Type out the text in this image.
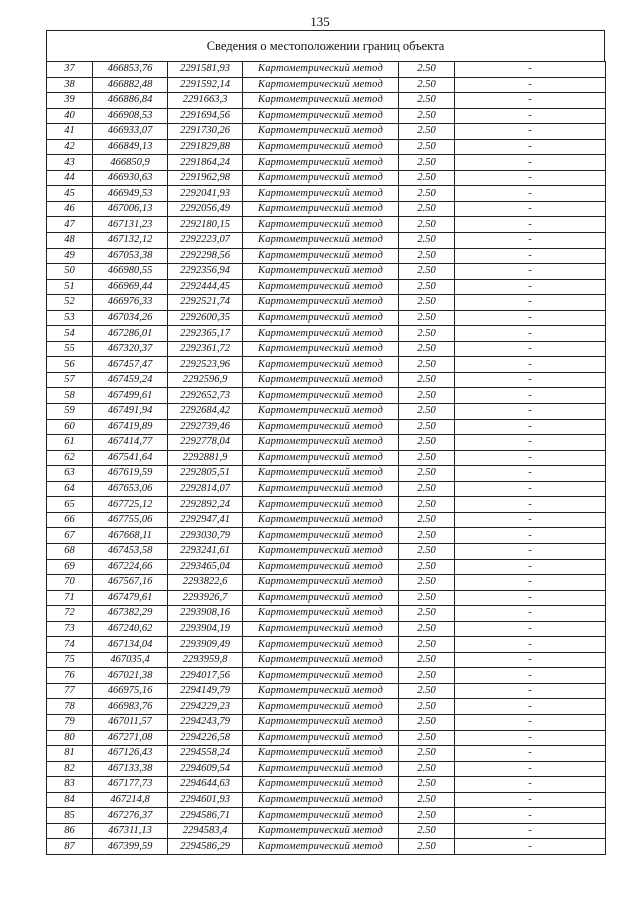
135
Сведения о местоположении границ объекта
37	466853,76	2291581,93	Картометрический метод	2.50	-
38	466882,48	2291592,14	Картометрический метод	2.50	-
39	466886,84	2291663,3	Картометрический метод	2.50	-
40	466908,53	2291694,56	Картометрический метод	2.50	-
41	466933,07	2291730,26	Картометрический метод	2.50	-
42	466849,13	2291829,88	Картометрический метод	2.50	-
43	466850,9	2291864,24	Картометрический метод	2.50	-
44	466930,63	2291962,98	Картометрический метод	2.50	-
45	466949,53	2292041,93	Картометрический метод	2.50	-
46	467006,13	2292056,49	Картометрический метод	2.50	-
47	467131,23	2292180,15	Картометрический метод	2.50	-
48	467132,12	2292223,07	Картометрический метод	2.50	-
49	467053,38	2292298,56	Картометрический метод	2.50	-
50	466980,55	2292356,94	Картометрический метод	2.50	-
51	466969,44	2292444,45	Картометрический метод	2.50	-
52	466976,33	2292521,74	Картометрический метод	2.50	-
53	467034,26	2292600,35	Картометрический метод	2.50	-
54	467286,01	2292365,17	Картометрический метод	2.50	-
55	467320,37	2292361,72	Картометрический метод	2.50	-
56	467457,47	2292523,96	Картометрический метод	2.50	-
57	467459,24	2292596,9	Картометрический метод	2.50	-
58	467499,61	2292652,73	Картометрический метод	2.50	-
59	467491,94	2292684,42	Картометрический метод	2.50	-
60	467419,89	2292739,46	Картометрический метод	2.50	-
61	467414,77	2292778,04	Картометрический метод	2.50	-
62	467541,64	2292881,9	Картометрический метод	2.50	-
63	467619,59	2292805,51	Картометрический метод	2.50	-
64	467653,06	2292814,07	Картометрический метод	2.50	-
65	467725,12	2292892,24	Картометрический метод	2.50	-
66	467755,06	2292947,41	Картометрический метод	2.50	-
67	467668,11	2293030,79	Картометрический метод	2.50	-
68	467453,58	2293241,61	Картометрический метод	2.50	-
69	467224,66	2293465,04	Картометрический метод	2.50	-
70	467567,16	2293822,6	Картометрический метод	2.50	-
71	467479,61	2293926,7	Картометрический метод	2.50	-
72	467382,29	2293908,16	Картометрический метод	2.50	-
73	467240,62	2293904,19	Картометрический метод	2.50	-
74	467134,04	2293909,49	Картометрический метод	2.50	-
75	467035,4	2293959,8	Картометрический метод	2.50	-
76	467021,38	2294017,56	Картометрический метод	2.50	-
77	466975,16	2294149,79	Картометрический метод	2.50	-
78	466983,76	2294229,23	Картометрический метод	2.50	-
79	467011,57	2294243,79	Картометрический метод	2.50	-
80	467271,08	2294226,58	Картометрический метод	2.50	-
81	467126,43	2294558,24	Картометрический метод	2.50	-
82	467133,38	2294609,54	Картометрический метод	2.50	-
83	467177,73	2294644,63	Картометрический метод	2.50	-
84	467214,8	2294601,93	Картометрический метод	2.50	-
85	467276,37	2294586,71	Картометрический метод	2.50	-
86	467311,13	2294583,4	Картометрический метод	2.50	-
87	467399,59	2294586,29	Картометрический метод	2.50	-
